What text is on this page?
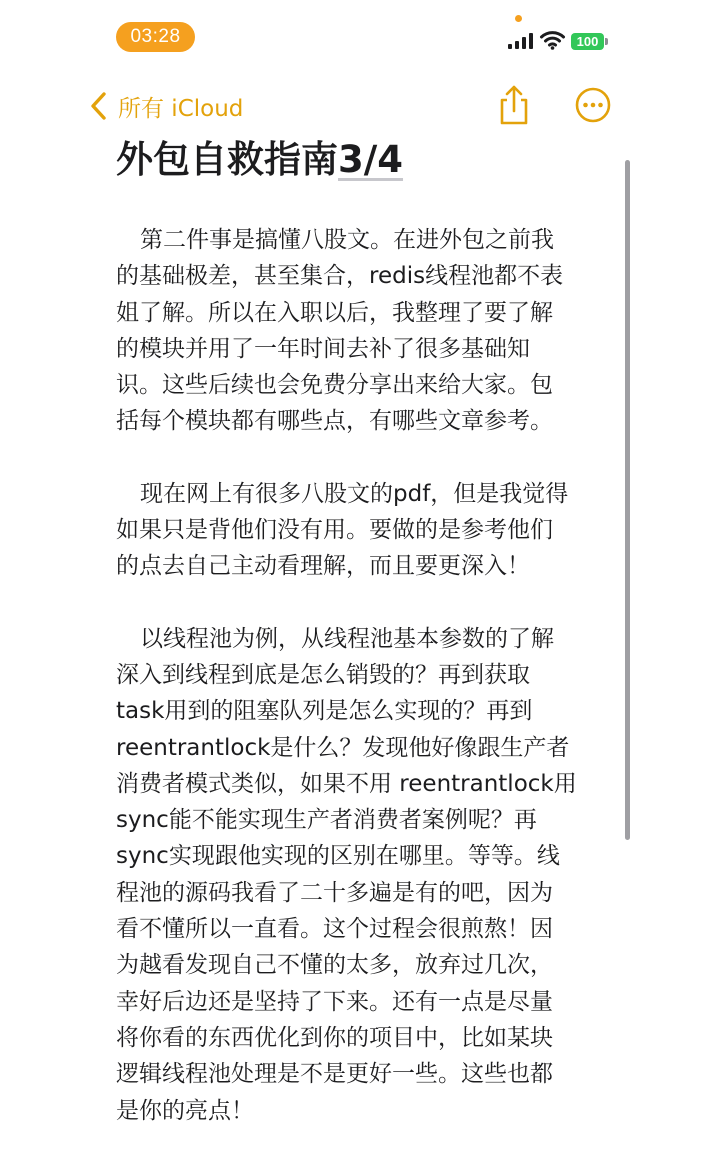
03:28	100
所有 iCloud
外包自救指南3/4

第二件事是搞懂八股文。在进外包之前我
的基础极差，甚至集合，redis线程池都不表
姐了解。所以在入职以后，我整理了要了解
的模块并用了一年时间去补了很多基础知
识。这些后续也会免费分享出来给大家。包
括每个模块都有哪些点，有哪些文章参考。

现在网上有很多八股文的pdf，但是我觉得
如果只是背他们没有用。要做的是参考他们
的点去自己主动看理解，而且要更深入！

以线程池为例，从线程池基本参数的了解
深入到线程到底是怎么销毁的？再到获取
task用到的阻塞队列是怎么实现的？再到
reentrantlock是什么？发现他好像跟生产者
消费者模式类似，如果不用 reentrantlock用
sync能不能实现生产者消费者案例呢？再
sync实现跟他实现的区别在哪里。等等。线
程池的源码我看了二十多遍是有的吧，因为
看不懂所以一直看。这个过程会很煎熬！因
为越看发现自己不懂的太多，放弃过几次，
幸好后边还是坚持了下来。还有一点是尽量
将你看的东西优化到你的项目中，比如某块
逻辑线程池处理是不是更好一些。这些也都
是你的亮点！
